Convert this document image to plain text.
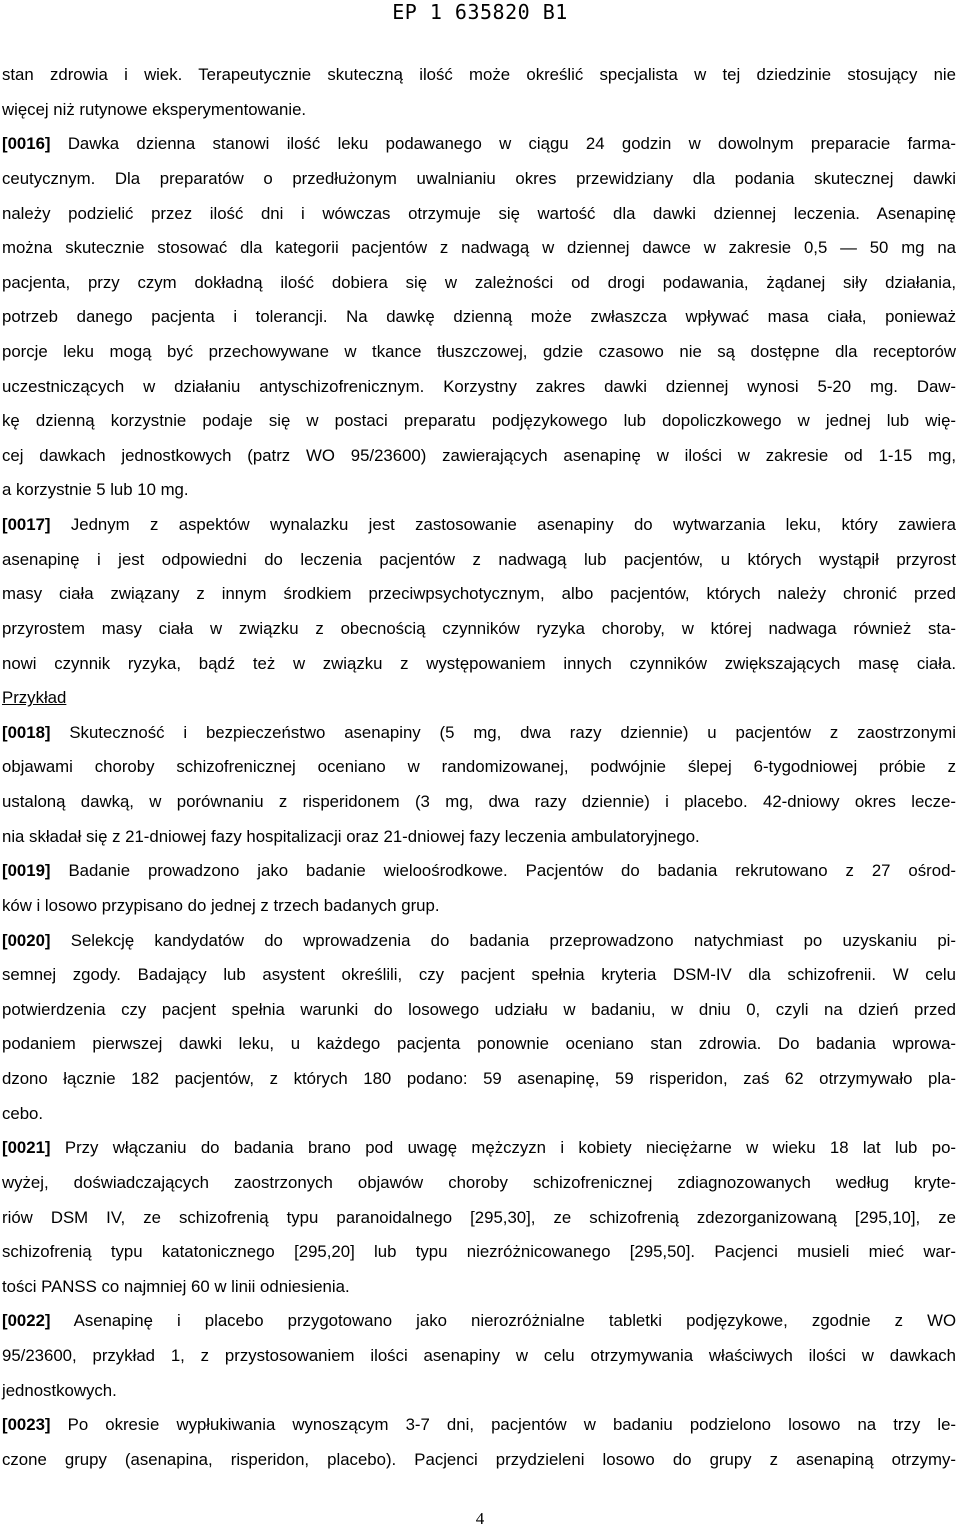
EP 1 635820 B1
stan zdrowia i wiek. Terapeutycznie skuteczną ilość może określić specjalista w tej dziedzinie stosujący nie
więcej niż rutynowe eksperymentowanie.
[0016] Dawka dzienna stanowi ilość leku podawanego w ciągu 24 godzin w dowolnym preparacie farma-
ceutycznym. Dla preparatów o przedłużonym uwalnianiu okres przewidziany dla podania skutecznej dawki
należy podzielić przez ilość dni i wówczas otrzymuje się wartość dla dawki dziennej leczenia. Asenapinę
można skutecznie stosować dla kategorii pacjentów z nadwagą w dziennej dawce w zakresie 0,5 — 50 mg na
pacjenta, przy czym dokładną ilość dobiera się w zależności od drogi podawania, żądanej siły działania,
potrzeb danego pacjenta i tolerancji. Na dawkę dzienną może zwłaszcza wpływać masa ciała, ponieważ
porcje leku mogą być przechowywane w tkance tłuszczowej, gdzie czasowo nie są dostępne dla receptorów
uczestniczących w działaniu antyschizofrenicznym. Korzystny zakres dawki dziennej wynosi 5-20 mg. Daw-
kę dzienną korzystnie podaje się w postaci preparatu podjęzykowego lub dopoliczkowego w jednej lub wię-
cej dawkach jednostkowych (patrz WO 95/23600) zawierających asenapinę w ilości w zakresie od 1-15 mg,
a korzystnie 5 lub 10 mg.
[0017] Jednym z aspektów wynalazku jest zastosowanie asenapiny do wytwarzania leku, który zawiera
asenapinę i jest odpowiedni do leczenia pacjentów z nadwagą lub pacjentów, u których wystąpił przyrost
masy ciała związany z innym środkiem przeciwpsychotycznym, albo pacjentów, których należy chronić przed
przyrostem masy ciała w związku z obecnością czynników ryzyka choroby, w której nadwaga również sta-
nowi czynnik ryzyka, bądź też w związku z występowaniem innych czynników zwiększających masę ciała.
Przykład
[0018] Skuteczność i bezpieczeństwo asenapiny (5 mg, dwa razy dziennie) u pacjentów z zaostrzonymi
objawami choroby schizofrenicznej oceniano w randomizowanej, podwójnie ślepej 6-tygodniowej próbie z
ustaloną dawką, w porównaniu z risperidonem (3 mg, dwa razy dziennie) i placebo. 42-dniowy okres lecze-
nia składał się z 21-dniowej fazy hospitalizacji oraz 21-dniowej fazy leczenia ambulatoryjnego.
[0019] Badanie prowadzono jako badanie wieloośrodkowe. Pacjentów do badania rekrutowano z 27 ośrod-
ków i losowo przypisano do jednej z trzech badanych grup.
[0020] Selekcję kandydatów do wprowadzenia do badania przeprowadzono natychmiast po uzyskaniu pi-
semnej zgody. Badający lub asystent określili, czy pacjent spełnia kryteria DSM-IV dla schizofrenii. W celu
potwierdzenia czy pacjent spełnia warunki do losowego udziału w badaniu, w dniu 0, czyli na dzień przed
podaniem pierwszej dawki leku, u każdego pacjenta ponownie oceniano stan zdrowia. Do badania wprowa-
dzono łącznie 182 pacjentów, z których 180 podano: 59 asenapinę, 59 risperidon, zaś 62 otrzymywało pla-
cebo.
[0021] Przy włączaniu do badania brano pod uwagę mężczyzn i kobiety nieciężarne w wieku 18 lat lub po-
wyżej, doświadczających zaostrzonych objawów choroby schizofrenicznej zdiagnozowanych według kryte-
riów DSM IV, ze schizofrenią typu paranoidalnego [295,30], ze schizofrenią zdezorganizowaną [295,10], ze
schizofrenią typu katatonicznego [295,20] lub typu niezróżnicowanego [295,50]. Pacjenci musieli mieć war-
tości PANSS co najmniej 60 w linii odniesienia.
[0022] Asenapinę i placebo przygotowano jako nierozróżnialne tabletki podjęzykowe, zgodnie z WO
95/23600, przykład 1, z przystosowaniem ilości asenapiny w celu otrzymywania właściwych ilości w dawkach
jednostkowych.
[0023] Po okresie wypłukiwania wynoszącym 3-7 dni, pacjentów w badaniu podzielono losowo na trzy le-
czone grupy (asenapina, risperidon, placebo). Pacjenci przydzieleni losowo do grupy z asenapiną otrzymy-
4
